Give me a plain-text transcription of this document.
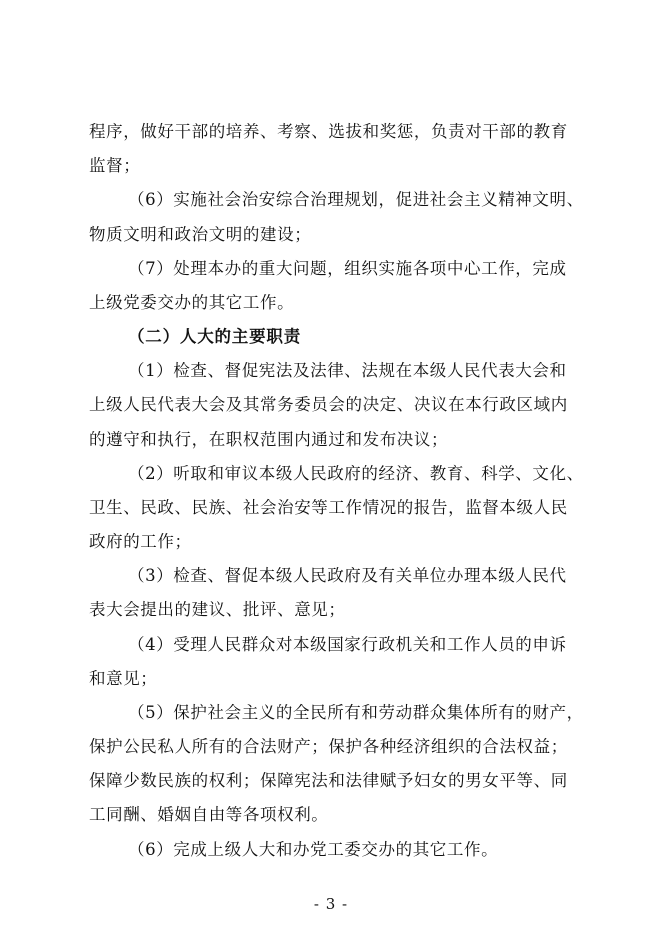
程序，做好干部的培养、考察、选拔和奖惩，负责对干部的教育
监督；
（6）实施社会治安综合治理规划，促进社会主义精神文明、
物质文明和政治文明的建设；
（7）处理本办的重大问题，组织实施各项中心工作，完成
上级党委交办的其它工作。
（二）人大的主要职责
（1）检查、督促宪法及法律、法规在本级人民代表大会和
上级人民代表大会及其常务委员会的决定、决议在本行政区域内
的遵守和执行，在职权范围内通过和发布决议；
（2）听取和审议本级人民政府的经济、教育、科学、文化、
卫生、民政、民族、社会治安等工作情况的报告，监督本级人民
政府的工作；
（3）检查、督促本级人民政府及有关单位办理本级人民代
表大会提出的建议、批评、意见；
（4）受理人民群众对本级国家行政机关和工作人员的申诉
和意见；
（5）保护社会主义的全民所有和劳动群众集体所有的财产，
保护公民私人所有的合法财产；保护各种经济组织的合法权益；
保障少数民族的权利；保障宪法和法律赋予妇女的男女平等、同
工同酬、婚姻自由等各项权利。
（6）完成上级人大和办党工委交办的其它工作。
- 3 -
